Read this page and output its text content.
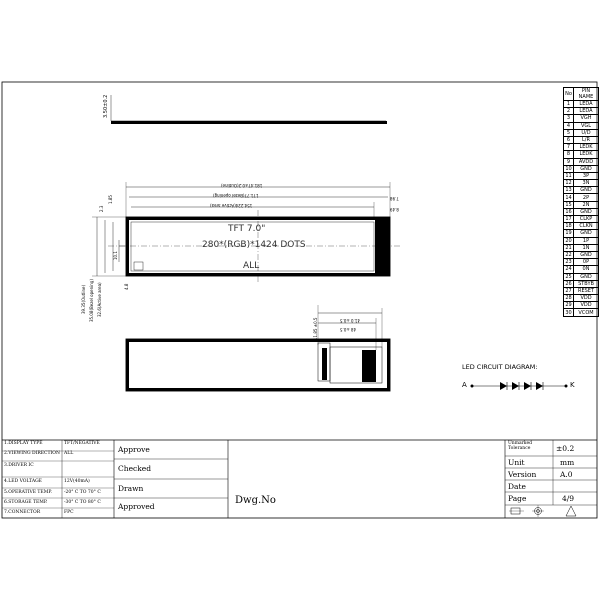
3.50±0.2
181.47±0.2(Outline)
171.77(Bezel opening)
154.224(Active area)
7.98
8.49
2.3
1.85
10.1
39.35(Outline) 35.08(Bezel opening) 32.6(Active area)	4.8
TFT 7.0"
280*(RGB)*1424 DOTS
ALL
11.85 ±0.5	41.0 ±0.5
48 ±0.5
No	PIN NAME
1	LEDA
2	LEDA
3	VGH
4	VGL
5	U/D
6	L/R
7	LEDK
8	LEDK
9	AVDD
10	GND
11	3P
12	3N
13	GND
14	2P
15	2N
16	GND
17	CLKP
18	CLKN
19	GND
20	1P
21	1N
22	GND
23	0P
24	0N
25	GND
26	STBYB
27	RESET
28	VDD
29	VDD
30	VCOM
LED CIRCUIT DIAGRAM:
A	K
1.DISPLAY TYPE	TFT/NEGATIVE
2.VIEWING DIRECTION ALL
3.DRIVER IC
4.LED VOLTAGE	12V(40mA)
5.OPERATIVE TEMP.	-20° C TO 70° C
6.STORAGE TEMP.	-30° C TO 80° C
7.CONNECTOR	FPC
Approve
Checked
Drawn
Approved
Dwg.No
Unmarked
Tolerance	±0.2
Unit	mm
Version	A.0
Date
Page	4/9
